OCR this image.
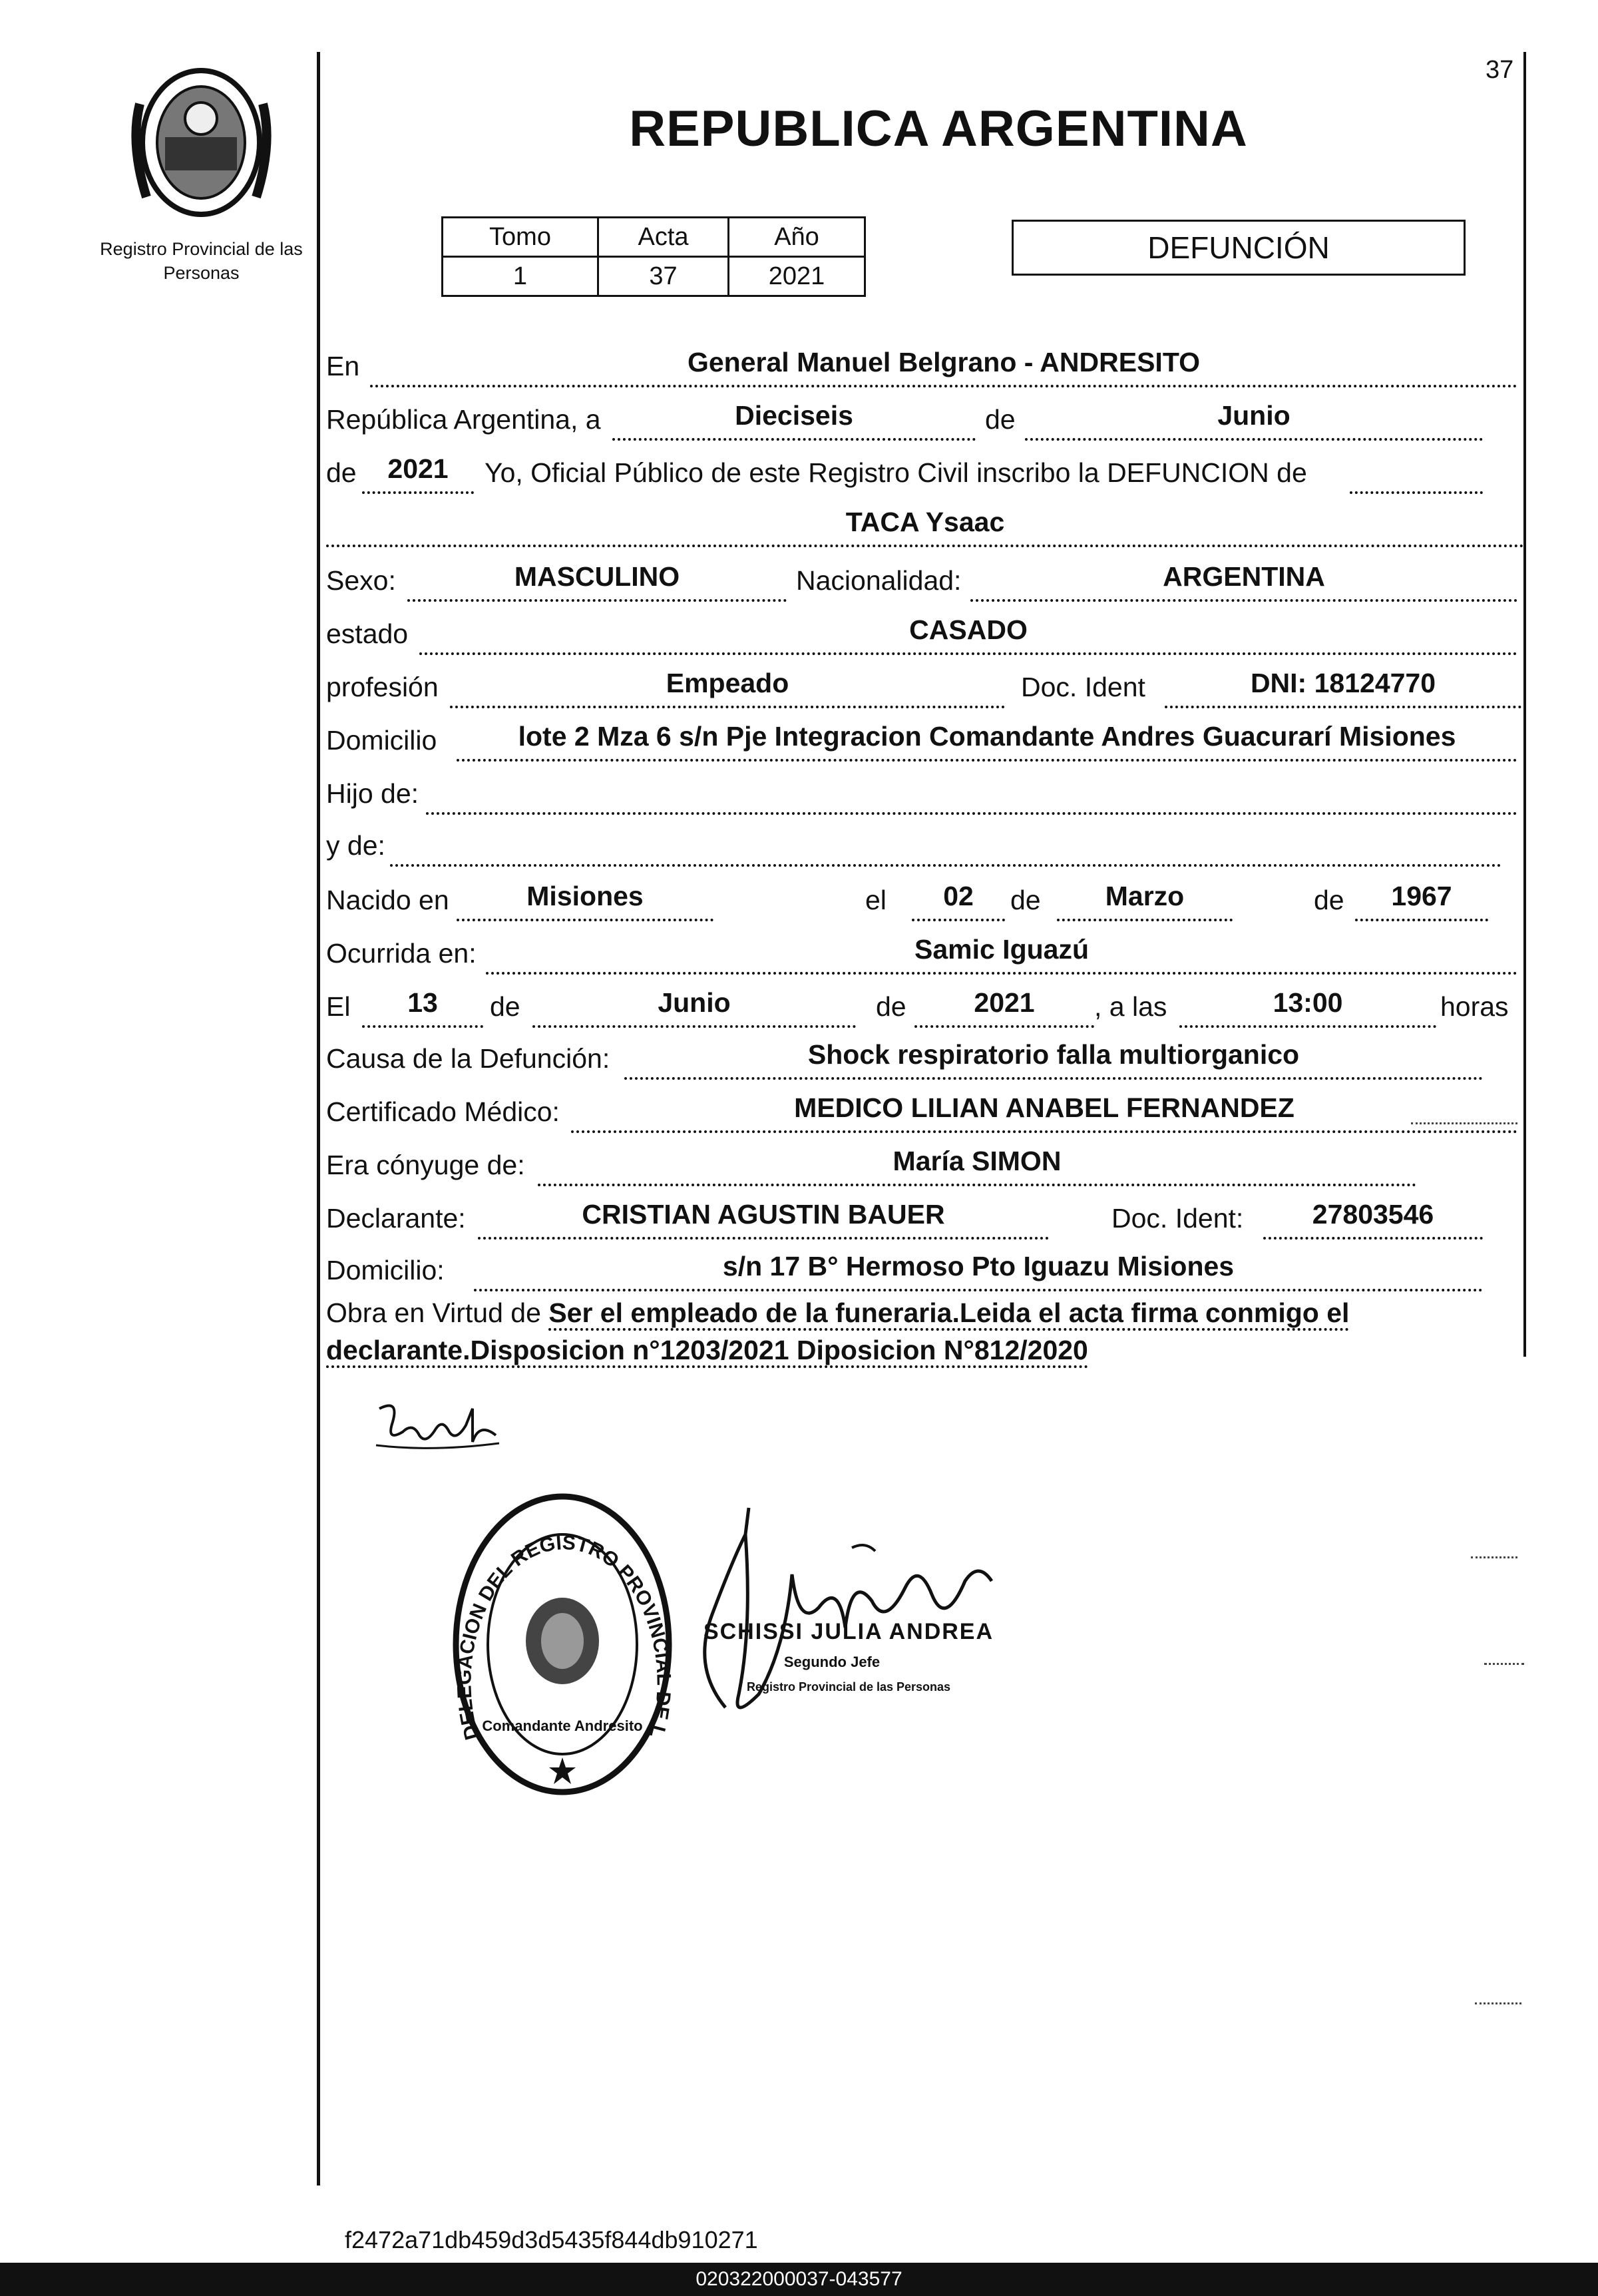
Registro Provincial de las Personas
37
REPUBLICA ARGENTINA
Tomo	Acta	Año
1	37	2021
DEFUNCIÓN
En	General Manuel Belgrano - ANDRESITO
República Argentina, a	Dieciseis	de	Junio
de	2021	Yo, Oficial Público de este Registro Civil inscribo la DEFUNCION de
TACA Ysaac
Sexo:	MASCULINO	Nacionalidad:	ARGENTINA
estado	CASADO
profesión	Empeado	Doc. Ident	DNI: 18124770
Domicilio	lote 2 Mza 6 s/n Pje Integracion Comandante Andres Guacurarí Misiones
Hijo de:
y de:
Nacido en	Misiones	el	02	de	Marzo	de	1967
Ocurrida en:	Samic Iguazú
El	13	de	Junio	de	2021	, a las	13:00	horas
Causa de la Defunción:	Shock respiratorio falla multiorganico
Certificado Médico:	MEDICO LILIAN ANABEL FERNANDEZ
Era cónyuge de:	María SIMON
Declarante:	CRISTIAN AGUSTIN BAUER	Doc. Ident:	27803546
Domicilio:	s/n 17 B° Hermoso Pto Iguazu Misiones
Obra en Virtud de Ser el empleado de la funeraria.Leida el acta firma conmigo el declarante.Disposicion n°1203/2021 Diposicion N°812/2020
DELEGACION DEL REGISTRO PROVINCIAL DE L
Comandante Andresito
SCHISSI JULIA ANDREA
Segundo Jefe
Registro Provincial de las Personas
f2472a71db459d3d5435f844db910271
020322000037-043577
